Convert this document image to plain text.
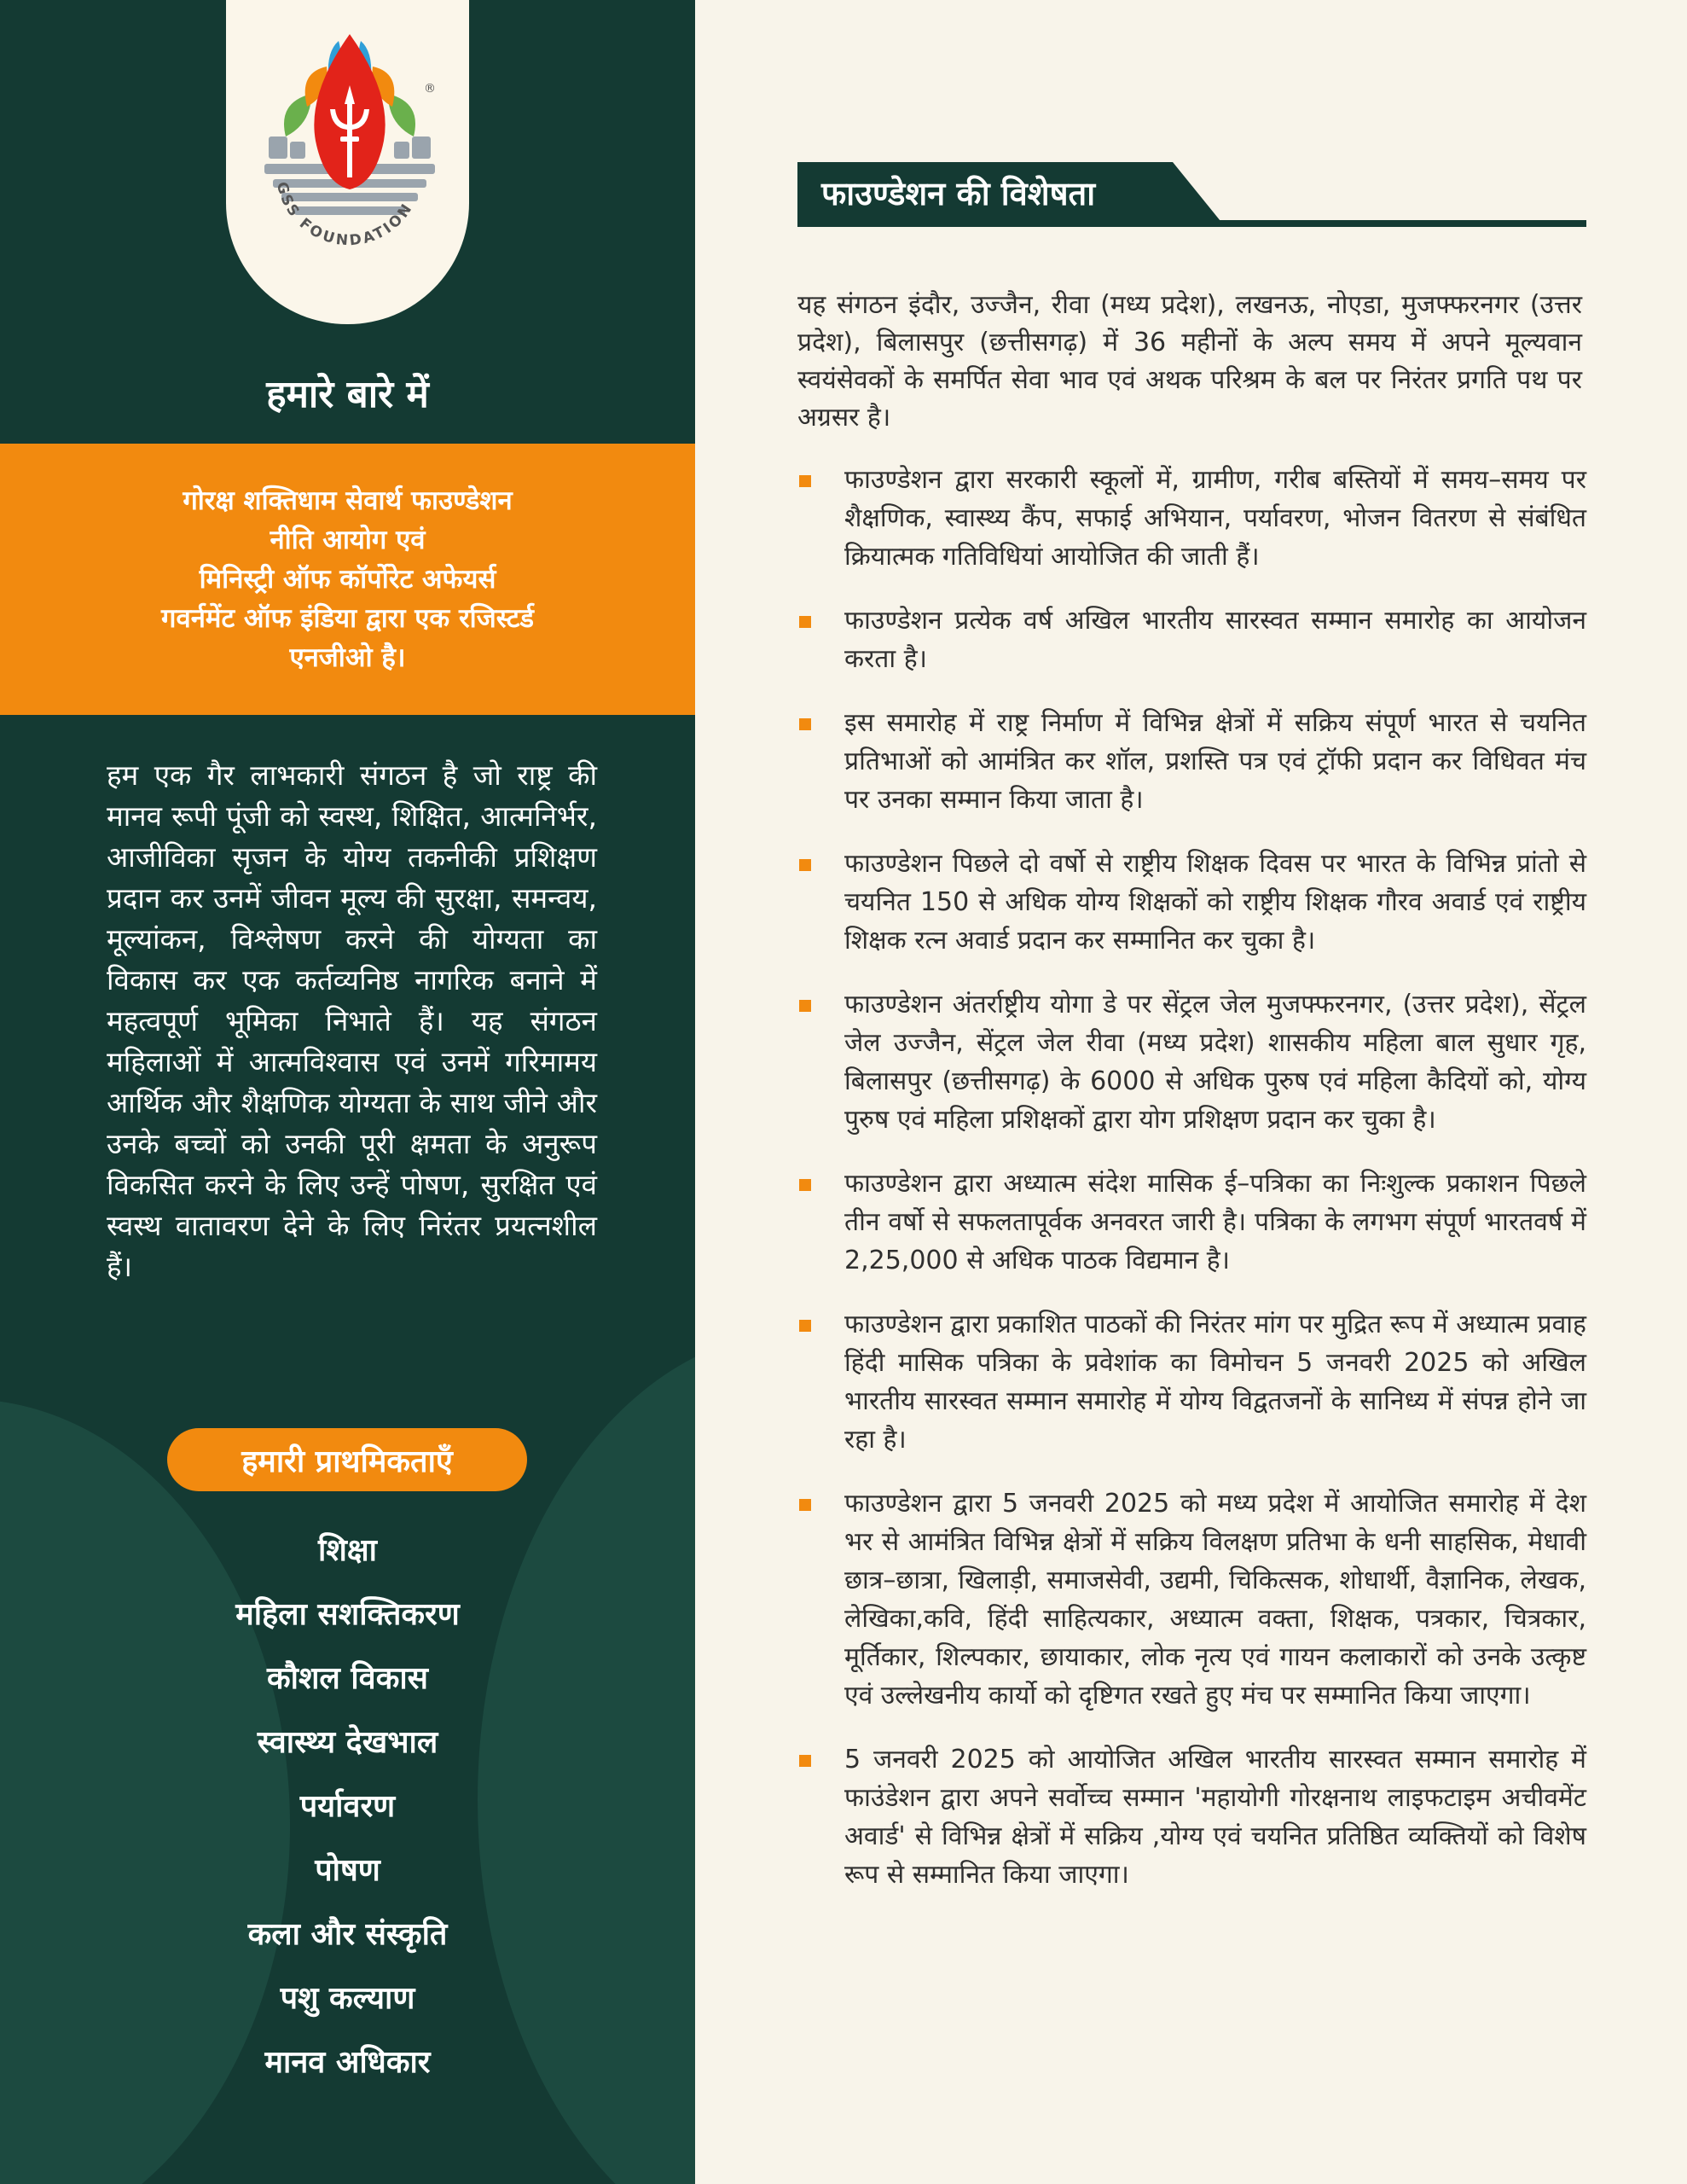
GSS FOUNDATION
®
हमारे बारे में

गोरक्ष शक्तिधाम सेवार्थ फाउण्डेशन

नीति आयोग एवं

मिनिस्ट्री ऑफ कॉर्पोरेट अफेयर्स

गवर्नमेंट ऑफ इंडिया द्वारा एक रजिस्टर्ड

एनजीओ है।

हम एक गैर लाभकारी संगठन है जो राष्ट्र की मानव रूपी पूंजी को स्वस्थ, शिक्षित, आत्मनिर्भर, आजीविका सृजन के योग्य तकनीकी प्रशिक्षण प्रदान कर उनमें जीवन मूल्य की सुरक्षा, समन्वय, मूल्यांकन, विश्लेषण करने की योग्यता का विकास कर एक कर्तव्यनिष्ठ नागरिक बनाने में महत्वपूर्ण भूमिका निभाते हैं। यह संगठन महिलाओं में आत्मविश्वास एवं उनमें गरिमामय आर्थिक और शैक्षणिक योग्यता के साथ जीने और उनके बच्चों को उनकी पूरी क्षमता के अनुरूप विकसित करने के लिए उन्हें पोषण, सुरक्षित एवं स्वस्थ वातावरण देने के लिए निरंतर प्रयत्नशील हैं।

हमारी प्राथमिकताएँ
शिक्षा
महिला सशक्तिकरण
कौशल विकास
स्वास्थ्य देखभाल
पर्यावरण
पोषण
कला और संस्कृति
पशु कल्याण
मानव अधिकार
फाउण्डेशन की विशेषता

यह संगठन इंदौर, उज्जैन, रीवा (मध्य प्रदेश), लखनऊ, नोएडा, मुजफ्फरनगर (उत्तर प्रदेश), बिलासपुर (छत्तीसगढ़) में 36 महीनों के अल्प समय में अपने मूल्यवान स्वयंसेवकों के समर्पित सेवा भाव एवं अथक परिश्रम के बल पर निरंतर प्रगति पथ पर अग्रसर है।

फाउण्डेशन द्वारा सरकारी स्कूलों में, ग्रामीण, गरीब बस्तियों में समय–समय पर शैक्षणिक, स्वास्थ्य कैंप, सफाई अभियान, पर्यावरण, भोजन वितरण से संबंधित क्रियात्मक गतिविधियां आयोजित की जाती हैं।
फाउण्डेशन प्रत्येक वर्ष अखिल भारतीय सारस्वत सम्मान समारोह का आयोजन करता है।
इस समारोह में राष्ट्र निर्माण में विभिन्न क्षेत्रों में सक्रिय संपूर्ण भारत से चयनित प्रतिभाओं को आमंत्रित कर शॉल, प्रशस्ति पत्र एवं ट्रॉफी प्रदान कर विधिवत मंच पर उनका सम्मान किया जाता है।
फाउण्डेशन पिछले दो वर्षो से राष्ट्रीय शिक्षक दिवस पर भारत के विभिन्न प्रांतो से चयनित 150 से अधिक योग्य शिक्षकों को राष्ट्रीय शिक्षक गौरव अवार्ड एवं राष्ट्रीय शिक्षक रत्न अवार्ड प्रदान कर सम्मानित कर चुका है।
फाउण्डेशन अंतर्राष्ट्रीय योगा डे पर सेंट्रल जेल मुजफ्फरनगर, (उत्तर प्रदेश), सेंट्रल जेल उज्जैन, सेंट्रल जेल रीवा (मध्य प्रदेश) शासकीय महिला बाल सुधार गृह, बिलासपुर (छत्तीसगढ़) के 6000 से अधिक पुरुष एवं महिला कैदियों को, योग्य पुरुष एवं महिला प्रशिक्षकों द्वारा योग प्रशिक्षण प्रदान कर चुका है।
फाउण्डेशन द्वारा अध्यात्म संदेश मासिक ई–पत्रिका का निःशुल्क प्रकाशन पिछले तीन वर्षो से सफलतापूर्वक अनवरत जारी है। पत्रिका के लगभग संपूर्ण भारतवर्ष में 2,25,000 से अधिक पाठक विद्यमान है।
फाउण्डेशन द्वारा प्रकाशित पाठकों की निरंतर मांग पर मुद्रित रूप में अध्यात्म प्रवाह हिंदी मासिक पत्रिका के प्रवेशांक का विमोचन 5 जनवरी 2025 को अखिल भारतीय सारस्वत सम्मान समारोह में योग्य विद्वतजनों के सानिध्य में संपन्न होने जा रहा है।
फाउण्डेशन द्वारा 5 जनवरी 2025 को मध्य प्रदेश में आयोजित समारोह में देश भर से आमंत्रित विभिन्न क्षेत्रों में सक्रिय विलक्षण प्रतिभा के धनी साहसिक, मेधावी छात्र–छात्रा, खिलाड़ी, समाजसेवी, उद्यमी, चिकित्सक, शोधार्थी, वैज्ञानिक, लेखक, लेखिका,कवि, हिंदी साहित्यकार, अध्यात्म वक्ता, शिक्षक, पत्रकार, चित्रकार, मूर्तिकार, शिल्पकार, छायाकार, लोक नृत्य एवं गायन कलाकारों को उनके उत्कृष्ट एवं उल्लेखनीय कार्यो को दृष्टिगत रखते हुए मंच पर सम्मानित किया जाएगा।
5 जनवरी 2025 को आयोजित अखिल भारतीय सारस्वत सम्मान समारोह में फाउंडेशन द्वारा अपने सर्वोच्च सम्मान 'महायोगी गोरक्षनाथ लाइफटाइम अचीवमेंट अवार्ड' से विभिन्न क्षेत्रों में सक्रिय ,योग्य एवं चयनित प्रतिष्ठित व्यक्तियों को विशेष रूप से सम्मानित किया जाएगा।
